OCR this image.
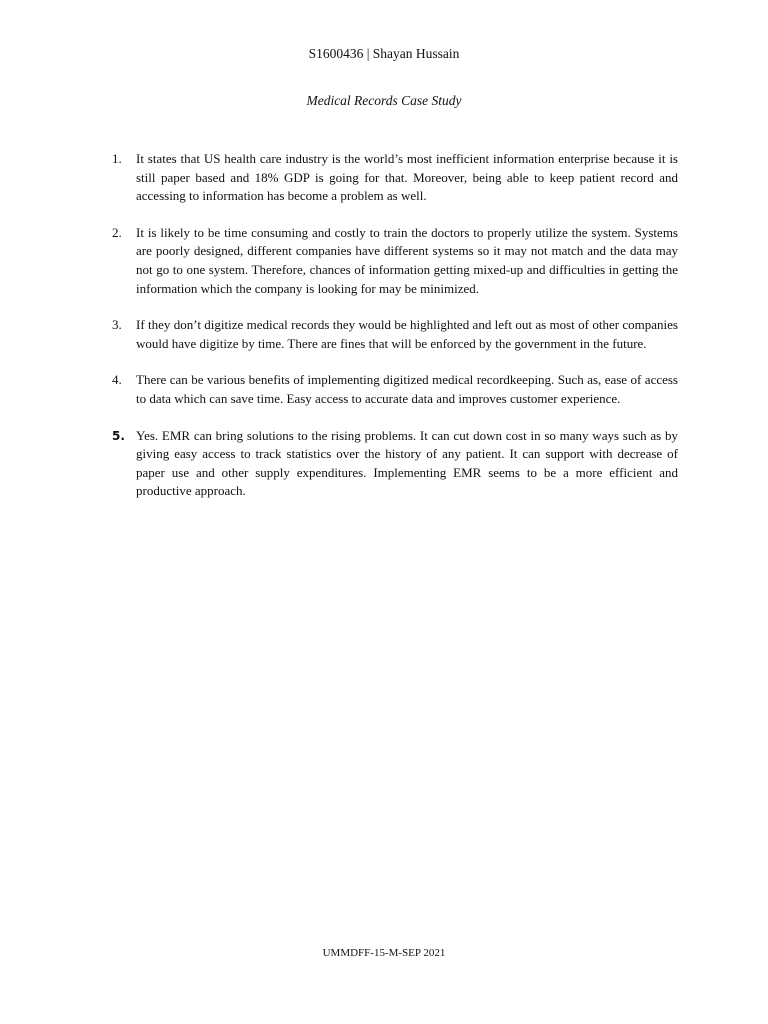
S1600436 | Shayan Hussain
Medical Records Case Study
1.	It states that US health care industry is the world’s most inefficient information enterprise because it is still paper based and 18% GDP is going for that. Moreover, being able to keep patient record and accessing to information has become a problem as well.
2.	It is likely to be time consuming and costly to train the doctors to properly utilize the system. Systems are poorly designed, different companies have different systems so it may not match and the data may not go to one system. Therefore, chances of information getting mixed-up and difficulties in getting the information which the company is looking for may be minimized.
3.	If they don’t digitize medical records they would be highlighted and left out as most of other companies would have digitize by time. There are fines that will be enforced by the government in the future.
4.	There can be various benefits of implementing digitized medical recordkeeping. Such as, ease of access to data which can save time. Easy access to accurate data and improves customer experience.
5. Yes. EMR can bring solutions to the rising problems. It can cut down cost in so many ways such as by giving easy access to track statistics over the history of any patient. It can support with decrease of paper use and other supply expenditures. Implementing EMR seems to be a more efficient and productive approach.
UMMDFF-15-M-SEP 2021
